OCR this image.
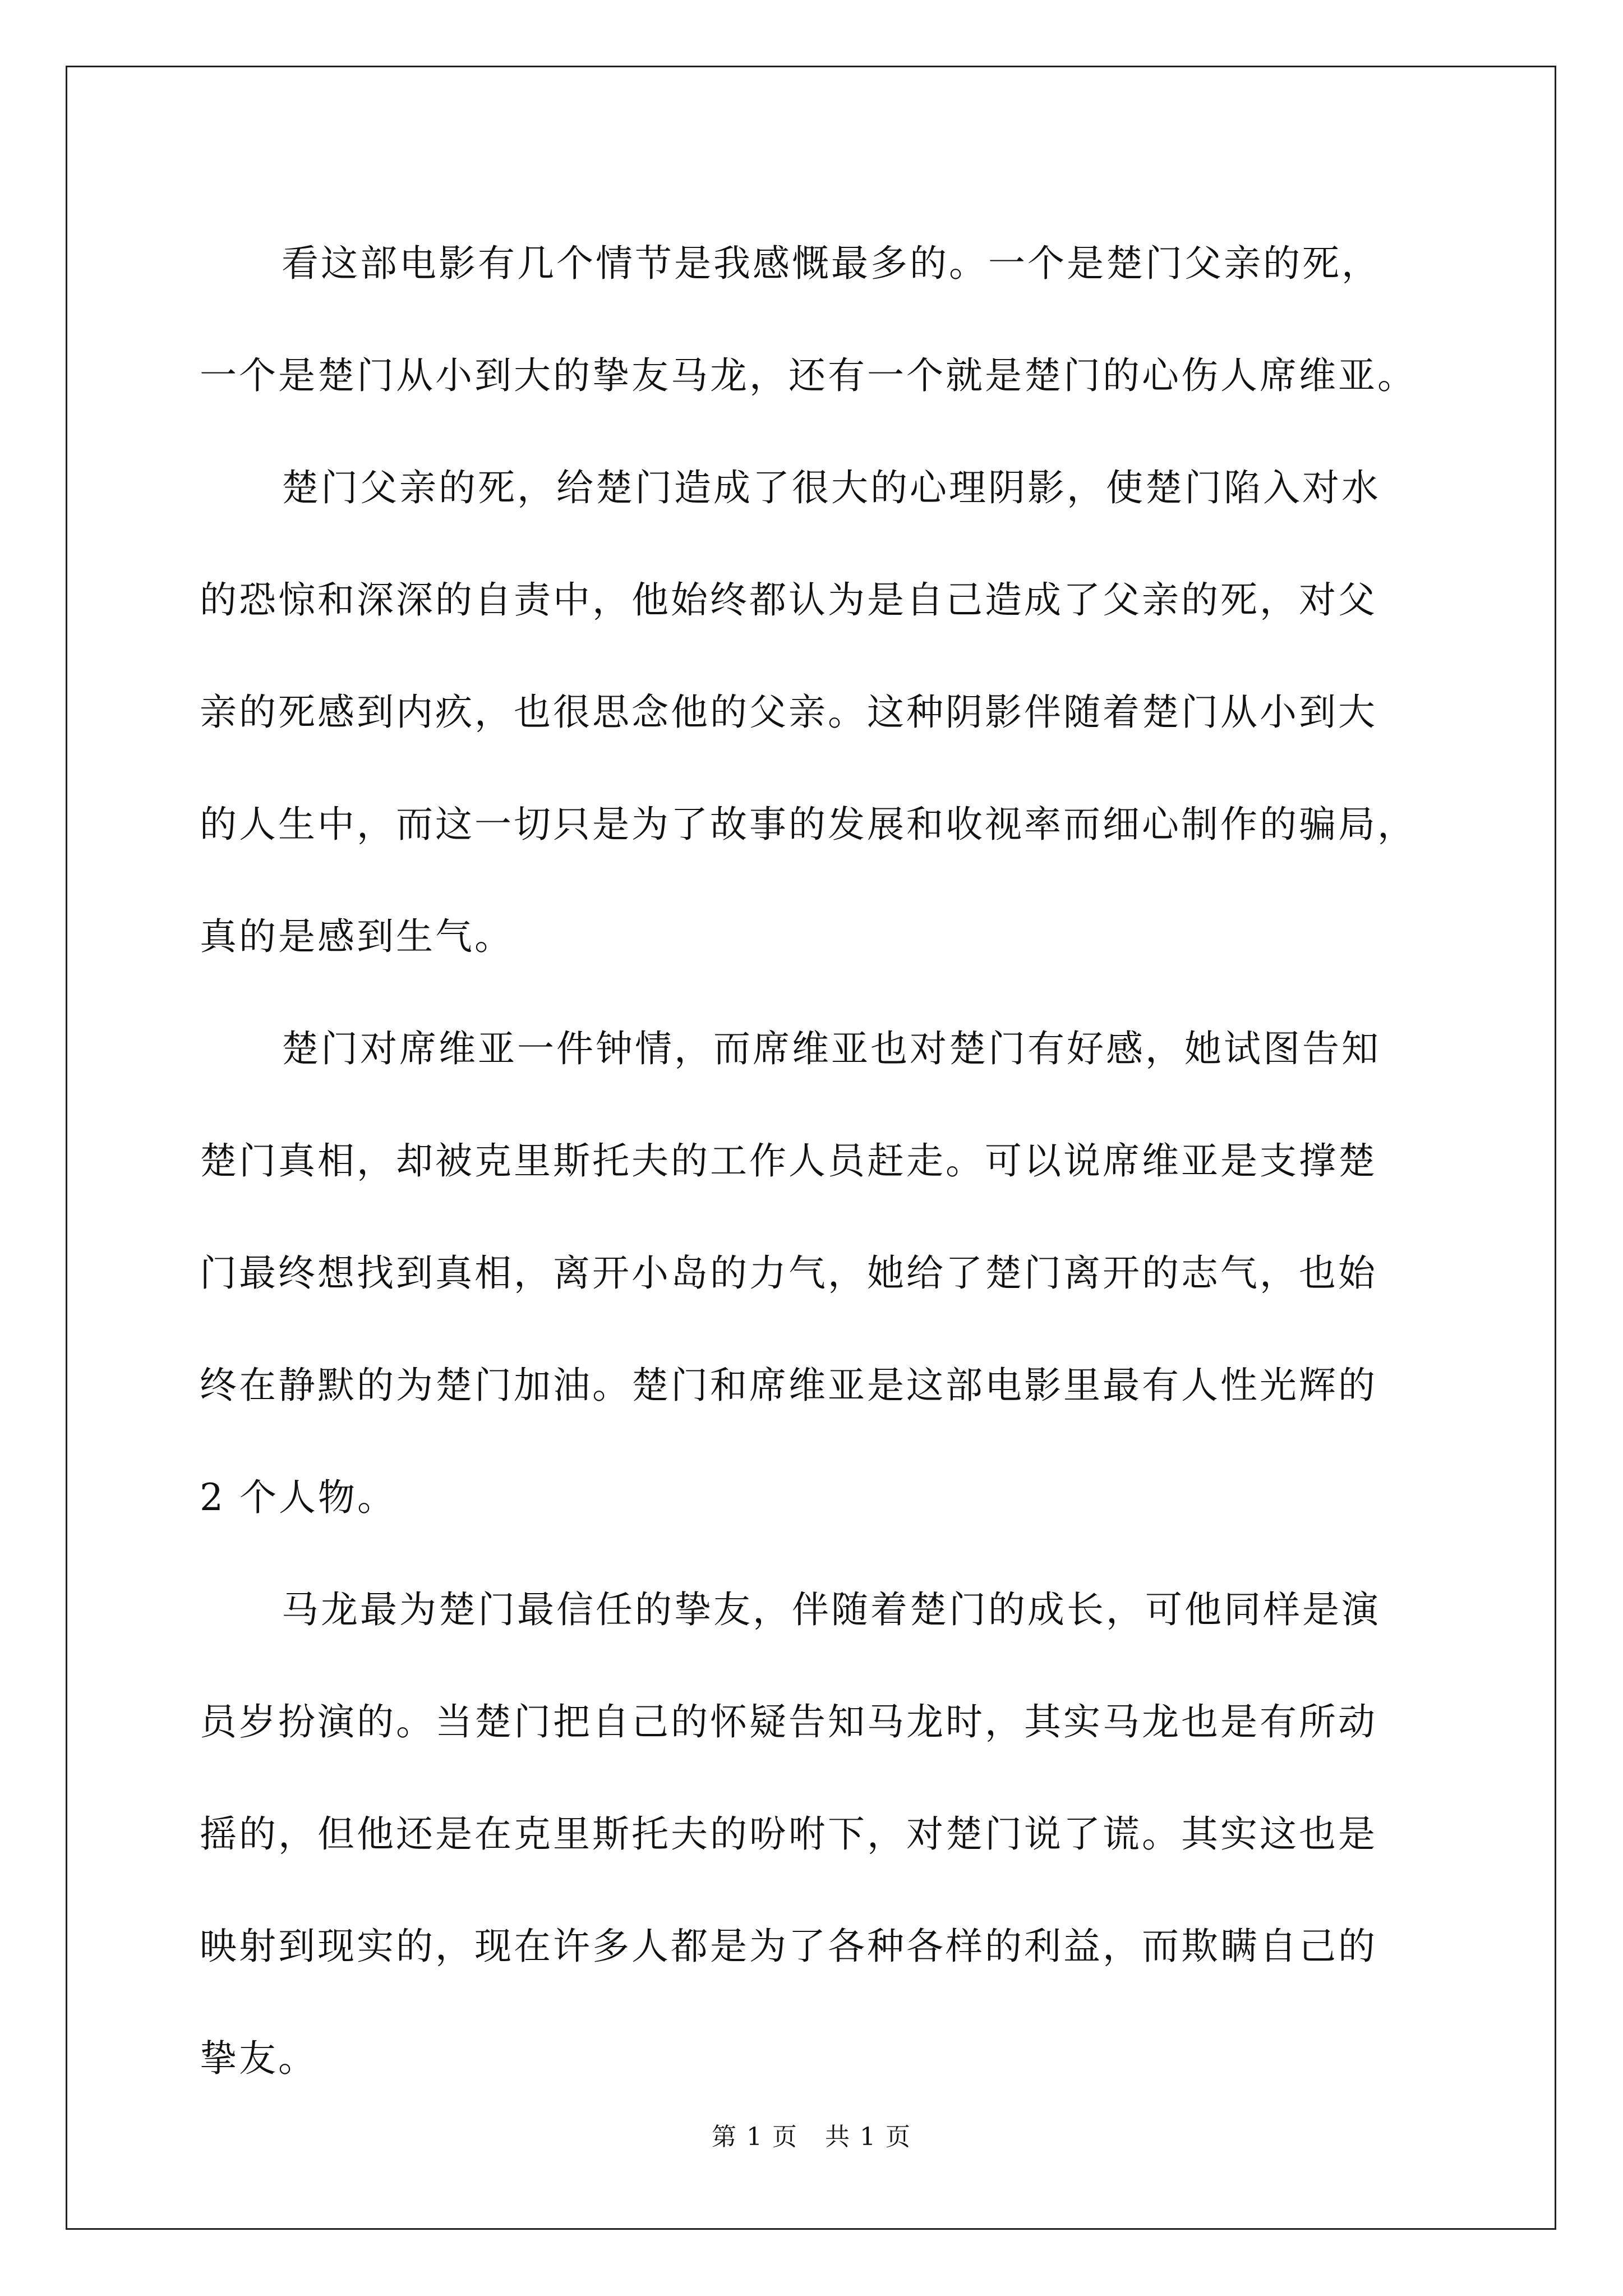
看这部电影有几个情节是我感慨最多的。一个是楚门父亲的死，
一个是楚门从小到大的挚友马龙，还有一个就是楚门的心伤人席维亚。

楚门父亲的死，给楚门造成了很大的心理阴影，使楚门陷入对水
的恐惊和深深的自责中，他始终都认为是自己造成了父亲的死，对父
亲的死感到内疚，也很思念他的父亲。这种阴影伴随着楚门从小到大
的人生中，而这一切只是为了故事的发展和收视率而细心制作的骗局，
真的是感到生气。

楚门对席维亚一件钟情，而席维亚也对楚门有好感，她试图告知
楚门真相，却被克里斯托夫的工作人员赶走。可以说席维亚是支撑楚
门最终想找到真相，离开小岛的力气，她给了楚门离开的志气，也始
终在静默的为楚门加油。楚门和席维亚是这部电影里最有人性光辉的
2 个人物。

马龙最为楚门最信任的挚友，伴随着楚门的成长，可他同样是演
员岁扮演的。当楚门把自己的怀疑告知马龙时，其实马龙也是有所动
摇的，但他还是在克里斯托夫的吩咐下，对楚门说了谎。其实这也是
映射到现实的，现在许多人都是为了各种各样的利益，而欺瞒自己的
挚友。

第 1 页 共 1 页
